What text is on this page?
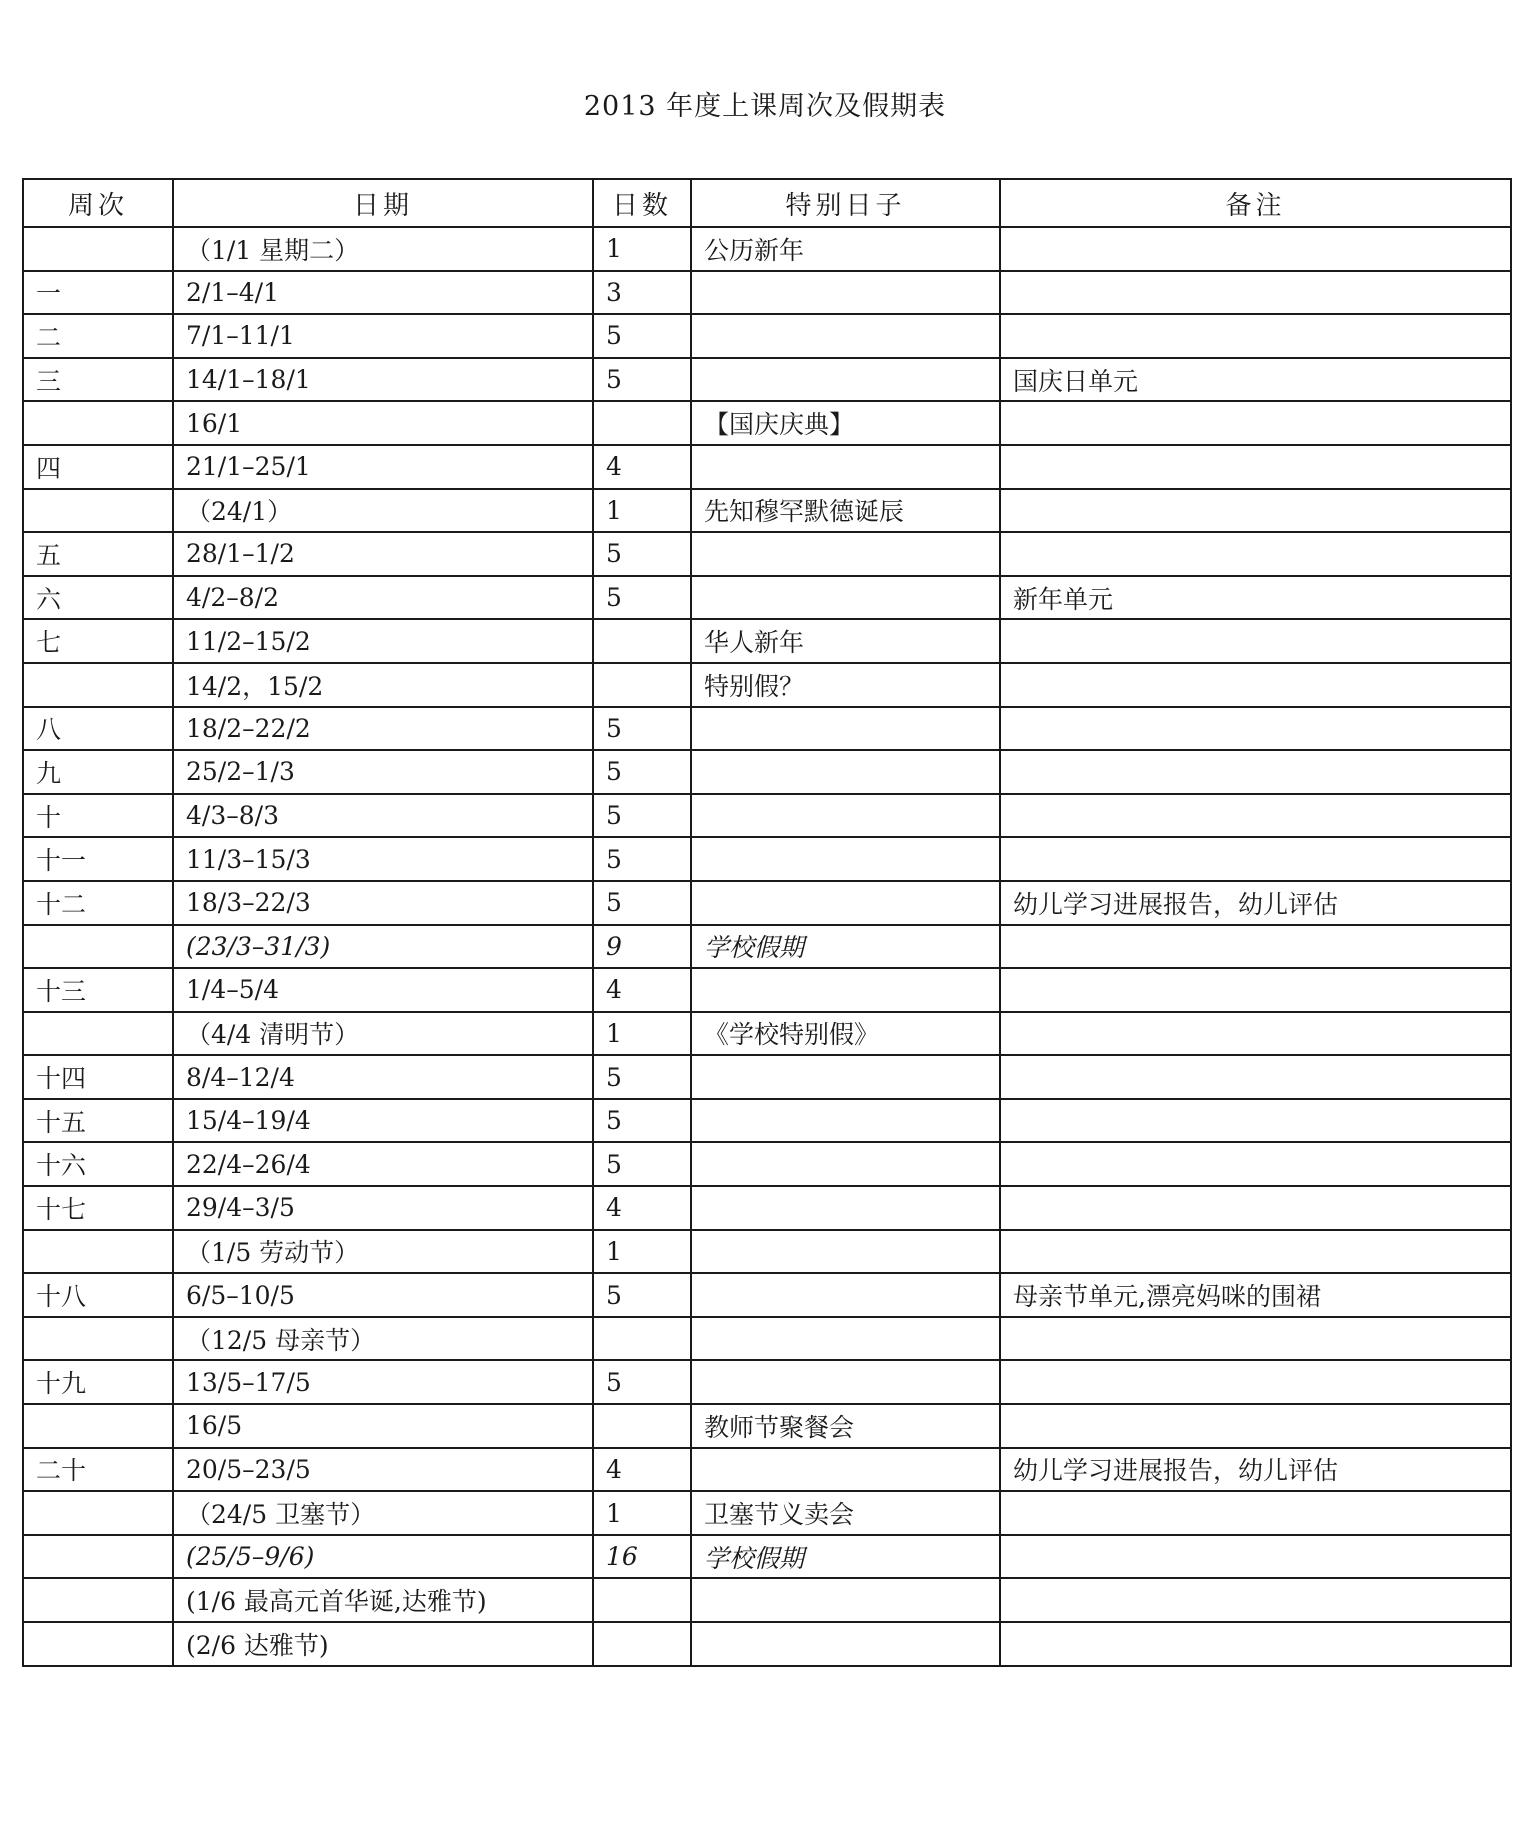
2013 年度上课周次及假期表
周次	日期	日数	特别日子	备注
	（1/1 星期二）	1	公历新年	
一	2/1–4/1	3		
二	7/1–11/1	5		
三	14/1–18/1	5		国庆日单元
	16/1		【国庆庆典】	
四	21/1–25/1	4		
	（24/1）	1	先知穆罕默德诞辰	
五	28/1–1/2	5		
六	4/2–8/2	5		新年单元
七	11/2–15/2		华人新年	
	14/2，15/2		特别假？	
八	18/2–22/2	5		
九	25/2–1/3	5		
十	4/3–8/3	5		
十一	11/3–15/3	5		
十二	18/3–22/3	5		幼儿学习进展报告，幼儿评估
	(23/3–31/3)	9	学校假期	
十三	1/4–5/4	4		
	（4/4 清明节）	1	《学校特别假》	
十四	8/4–12/4	5		
十五	15/4–19/4	5		
十六	22/4–26/4	5		
十七	29/4–3/5	4		
	（1/5 劳动节）	1		
十八	6/5–10/5	5		母亲节单元,漂亮妈咪的围裙
	（12/5 母亲节）			
十九	13/5–17/5	5		
	16/5		教师节聚餐会	
二十	20/5–23/5	4		幼儿学习进展报告，幼儿评估
	（24/5 卫塞节）	1	卫塞节义卖会	
	(25/5–9/6)	16	学校假期	
	(1/6 最高元首华诞,达雅节)			
	(2/6 达雅节)			
